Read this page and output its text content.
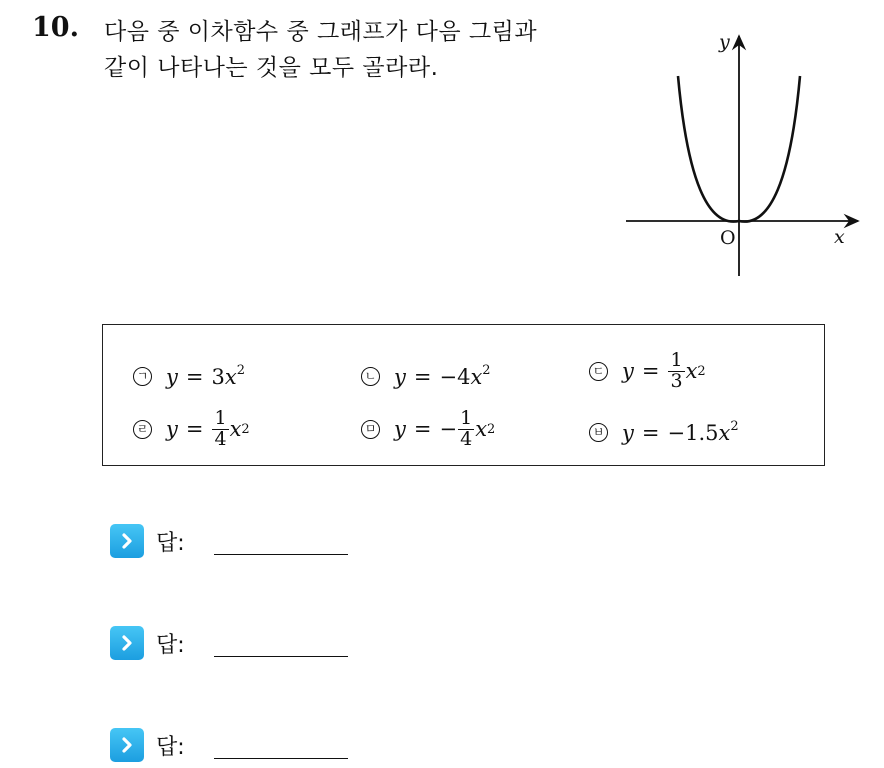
10. 다음 중 이차함수 중 그래프가 다음 그림과
같이 나타나는 것을 모두 골라라.
y
x
O
ㄱ $y = 3x^2$	ㄴ $y = -4x^2$	ㄷ $y = \frac{1}{3}$ x 2
ㄹ $y = \frac{1}{4}$ x 2	ㅁ y = − $\frac{1}{4}$ x 2	ㅂ $y = -1.5x^2$
답:
답:
답:
